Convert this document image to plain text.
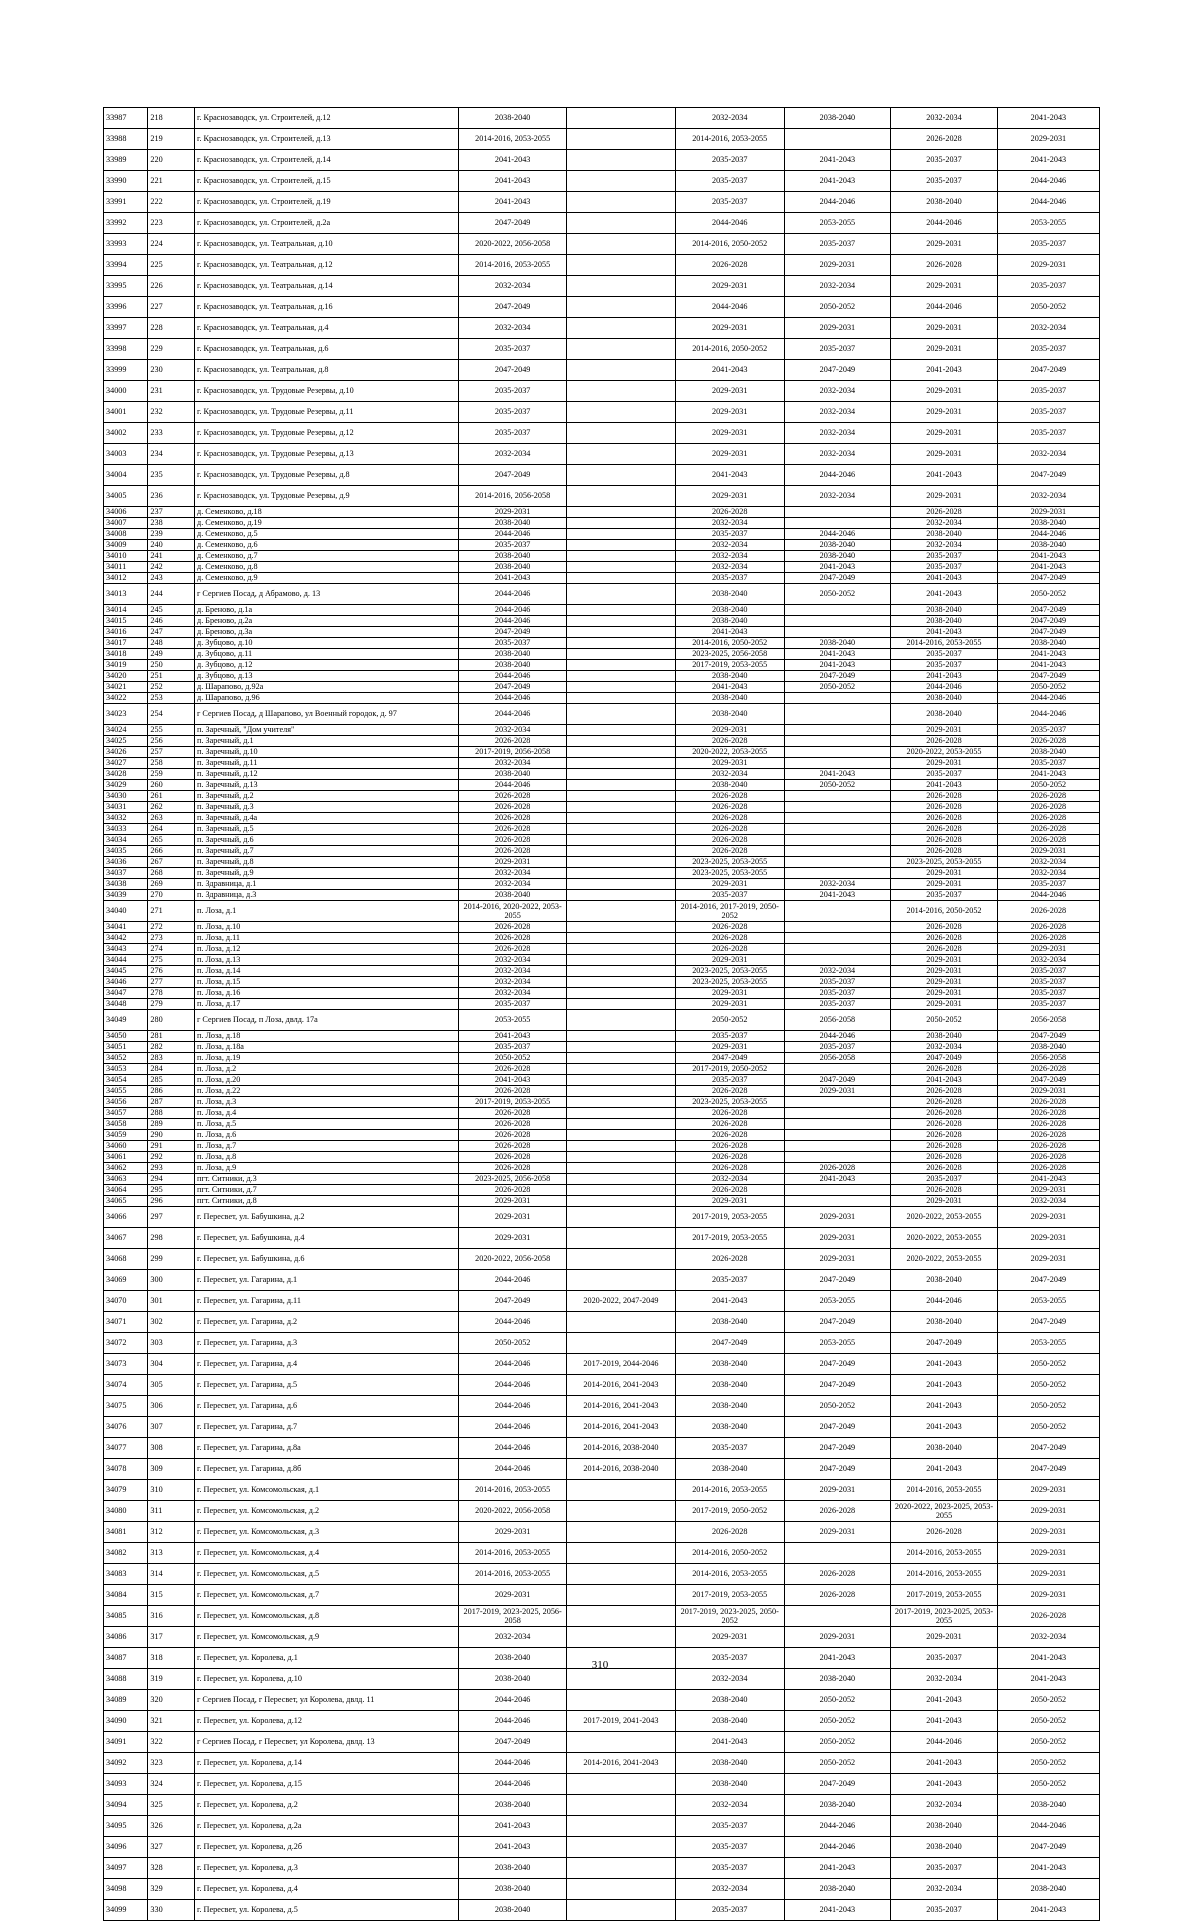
33987	218	г. Краснозаводск, ул. Строителей, д.12	2038-2040		2032-2034	2038-2040	2032-2034	2041-2043
33988	219	г. Краснозаводск, ул. Строителей, д.13	2014-2016, 2053-2055		2014-2016, 2053-2055		2026-2028	2029-2031
33989	220	г. Краснозаводск, ул. Строителей, д.14	2041-2043		2035-2037	2041-2043	2035-2037	2041-2043
33990	221	г. Краснозаводск, ул. Строителей, д.15	2041-2043		2035-2037	2041-2043	2035-2037	2044-2046
33991	222	г. Краснозаводск, ул. Строителей, д.19	2041-2043		2035-2037	2044-2046	2038-2040	2044-2046
33992	223	г. Краснозаводск, ул. Строителей, д.2а	2047-2049		2044-2046	2053-2055	2044-2046	2053-2055
33993	224	г. Краснозаводск, ул. Театральная, д.10	2020-2022, 2056-2058		2014-2016, 2050-2052	2035-2037	2029-2031	2035-2037
33994	225	г. Краснозаводск, ул. Театральная, д.12	2014-2016, 2053-2055		2026-2028	2029-2031	2026-2028	2029-2031
33995	226	г. Краснозаводск, ул. Театральная, д.14	2032-2034		2029-2031	2032-2034	2029-2031	2035-2037
33996	227	г. Краснозаводск, ул. Театральная, д.16	2047-2049		2044-2046	2050-2052	2044-2046	2050-2052
33997	228	г. Краснозаводск, ул. Театральная, д.4	2032-2034		2029-2031	2029-2031	2029-2031	2032-2034
33998	229	г. Краснозаводск, ул. Театральная, д.6	2035-2037		2014-2016, 2050-2052	2035-2037	2029-2031	2035-2037
33999	230	г. Краснозаводск, ул. Театральная, д.8	2047-2049		2041-2043	2047-2049	2041-2043	2047-2049
34000	231	г. Краснозаводск, ул. Трудовые Резервы, д.10	2035-2037		2029-2031	2032-2034	2029-2031	2035-2037
34001	232	г. Краснозаводск, ул. Трудовые Резервы, д.11	2035-2037		2029-2031	2032-2034	2029-2031	2035-2037
34002	233	г. Краснозаводск, ул. Трудовые Резервы, д.12	2035-2037		2029-2031	2032-2034	2029-2031	2035-2037
34003	234	г. Краснозаводск, ул. Трудовые Резервы, д.13	2032-2034		2029-2031	2032-2034	2029-2031	2032-2034
34004	235	г. Краснозаводск, ул. Трудовые Резервы, д.8	2047-2049		2041-2043	2044-2046	2041-2043	2047-2049
34005	236	г. Краснозаводск, ул. Трудовые Резервы, д.9	2014-2016, 2056-2058		2029-2031	2032-2034	2029-2031	2032-2034
34006	237	д. Семенково, д.18	2029-2031		2026-2028		2026-2028	2029-2031
34007	238	д. Семенково, д.19	2038-2040		2032-2034		2032-2034	2038-2040
34008	239	д. Семенково, д.5	2044-2046		2035-2037	2044-2046	2038-2040	2044-2046
34009	240	д. Семенково, д.6	2035-2037		2032-2034	2038-2040	2032-2034	2038-2040
34010	241	д. Семенково, д.7	2038-2040		2032-2034	2038-2040	2035-2037	2041-2043
34011	242	д. Семенково, д.8	2038-2040		2032-2034	2041-2043	2035-2037	2041-2043
34012	243	д. Семенково, д.9	2041-2043		2035-2037	2047-2049	2041-2043	2047-2049
34013	244	г Сергиев Посад, д Абрамово, д. 13	2044-2046		2038-2040	2050-2052	2041-2043	2050-2052
34014	245	д. Бреново, д.1а	2044-2046		2038-2040		2038-2040	2047-2049
34015	246	д. Бреново, д.2а	2044-2046		2038-2040		2038-2040	2047-2049
34016	247	д. Бреново, д.3а	2047-2049		2041-2043		2041-2043	2047-2049
34017	248	д. Зубцово, д.10	2035-2037		2014-2016, 2050-2052	2038-2040	2014-2016, 2053-2055	2038-2040
34018	249	д. Зубцово, д.11	2038-2040		2023-2025, 2056-2058	2041-2043	2035-2037	2041-2043
34019	250	д. Зубцово, д.12	2038-2040		2017-2019, 2053-2055	2041-2043	2035-2037	2041-2043
34020	251	д. Зубцово, д.13	2044-2046		2038-2040	2047-2049	2041-2043	2047-2049
34021	252	д. Шарапово, д.92а	2047-2049		2041-2043	2050-2052	2044-2046	2050-2052
34022	253	д. Шарапово, д.96	2044-2046		2038-2040		2038-2040	2044-2046
34023	254	г Сергиев Посад, д Шарапово, ул Военный городок, д. 97	2044-2046		2038-2040		2038-2040	2044-2046
34024	255	п. Заречный, "Дом учителя"	2032-2034		2029-2031		2029-2031	2035-2037
34025	256	п. Заречный, д.1	2026-2028		2026-2028		2026-2028	2026-2028
34026	257	п. Заречный, д.10	2017-2019, 2056-2058		2020-2022, 2053-2055		2020-2022, 2053-2055	2038-2040
34027	258	п. Заречный, д.11	2032-2034		2029-2031		2029-2031	2035-2037
34028	259	п. Заречный, д.12	2038-2040		2032-2034	2041-2043	2035-2037	2041-2043
34029	260	п. Заречный, д.13	2044-2046		2038-2040	2050-2052	2041-2043	2050-2052
34030	261	п. Заречный, д.2	2026-2028		2026-2028		2026-2028	2026-2028
34031	262	п. Заречный, д.3	2026-2028		2026-2028		2026-2028	2026-2028
34032	263	п. Заречный, д.4а	2026-2028		2026-2028		2026-2028	2026-2028
34033	264	п. Заречный, д.5	2026-2028		2026-2028		2026-2028	2026-2028
34034	265	п. Заречный, д.6	2026-2028		2026-2028		2026-2028	2026-2028
34035	266	п. Заречный, д.7	2026-2028		2026-2028		2026-2028	2029-2031
34036	267	п. Заречный, д.8	2029-2031		2023-2025, 2053-2055		2023-2025, 2053-2055	2032-2034
34037	268	п. Заречный, д.9	2032-2034		2023-2025, 2053-2055		2029-2031	2032-2034
34038	269	п. Здравница, д.1	2032-2034		2029-2031	2032-2034	2029-2031	2035-2037
34039	270	п. Здравница, д.3	2038-2040		2035-2037	2041-2043	2035-2037	2044-2046
34040	271	п. Лоза, д.1	2014-2016, 2020-2022, 2053-2055		2014-2016, 2017-2019, 2050-2052		2014-2016, 2050-2052	2026-2028
34041	272	п. Лоза, д.10	2026-2028		2026-2028		2026-2028	2026-2028
34042	273	п. Лоза, д.11	2026-2028		2026-2028		2026-2028	2026-2028
34043	274	п. Лоза, д.12	2026-2028		2026-2028		2026-2028	2029-2031
34044	275	п. Лоза, д.13	2032-2034		2029-2031		2029-2031	2032-2034
34045	276	п. Лоза, д.14	2032-2034		2023-2025, 2053-2055	2032-2034	2029-2031	2035-2037
34046	277	п. Лоза, д.15	2032-2034		2023-2025, 2053-2055	2035-2037	2029-2031	2035-2037
34047	278	п. Лоза, д.16	2032-2034		2029-2031	2035-2037	2029-2031	2035-2037
34048	279	п. Лоза, д.17	2035-2037		2029-2031	2035-2037	2029-2031	2035-2037
34049	280	г Сергиев Посад, п Лоза, двлд. 17а	2053-2055		2050-2052	2056-2058	2050-2052	2056-2058
34050	281	п. Лоза, д.18	2041-2043		2035-2037	2044-2046	2038-2040	2047-2049
34051	282	п. Лоза, д.18а	2035-2037		2029-2031	2035-2037	2032-2034	2038-2040
34052	283	п. Лоза, д.19	2050-2052		2047-2049	2056-2058	2047-2049	2056-2058
34053	284	п. Лоза, д.2	2026-2028		2017-2019, 2050-2052		2026-2028	2026-2028
34054	285	п. Лоза, д.20	2041-2043		2035-2037	2047-2049	2041-2043	2047-2049
34055	286	п. Лоза, д.22	2026-2028		2026-2028	2029-2031	2026-2028	2029-2031
34056	287	п. Лоза, д.3	2017-2019, 2053-2055		2023-2025, 2053-2055		2026-2028	2026-2028
34057	288	п. Лоза, д.4	2026-2028		2026-2028		2026-2028	2026-2028
34058	289	п. Лоза, д.5	2026-2028		2026-2028		2026-2028	2026-2028
34059	290	п. Лоза, д.6	2026-2028		2026-2028		2026-2028	2026-2028
34060	291	п. Лоза, д.7	2026-2028		2026-2028		2026-2028	2026-2028
34061	292	п. Лоза, д.8	2026-2028		2026-2028		2026-2028	2026-2028
34062	293	п. Лоза, д.9	2026-2028		2026-2028	2026-2028	2026-2028	2026-2028
34063	294	пгт. Ситники, д.3	2023-2025, 2056-2058		2032-2034	2041-2043	2035-2037	2041-2043
34064	295	пгт. Ситники, д.7	2026-2028		2026-2028		2026-2028	2029-2031
34065	296	пгт. Ситники, д.8	2029-2031		2029-2031		2029-2031	2032-2034
34066	297	г. Пересвет, ул. Бабушкина, д.2	2029-2031		2017-2019, 2053-2055	2029-2031	2020-2022, 2053-2055	2029-2031
34067	298	г. Пересвет, ул. Бабушкина, д.4	2029-2031		2017-2019, 2053-2055	2029-2031	2020-2022, 2053-2055	2029-2031
34068	299	г. Пересвет, ул. Бабушкина, д.6	2020-2022, 2056-2058		2026-2028	2029-2031	2020-2022, 2053-2055	2029-2031
34069	300	г. Пересвет, ул. Гагарина, д.1	2044-2046		2035-2037	2047-2049	2038-2040	2047-2049
34070	301	г. Пересвет, ул. Гагарина, д.11	2047-2049	2020-2022, 2047-2049	2041-2043	2053-2055	2044-2046	2053-2055
34071	302	г. Пересвет, ул. Гагарина, д.2	2044-2046		2038-2040	2047-2049	2038-2040	2047-2049
34072	303	г. Пересвет, ул. Гагарина, д.3	2050-2052		2047-2049	2053-2055	2047-2049	2053-2055
34073	304	г. Пересвет, ул. Гагарина, д.4	2044-2046	2017-2019, 2044-2046	2038-2040	2047-2049	2041-2043	2050-2052
34074	305	г. Пересвет, ул. Гагарина, д.5	2044-2046	2014-2016, 2041-2043	2038-2040	2047-2049	2041-2043	2050-2052
34075	306	г. Пересвет, ул. Гагарина, д.6	2044-2046	2014-2016, 2041-2043	2038-2040	2050-2052	2041-2043	2050-2052
34076	307	г. Пересвет, ул. Гагарина, д.7	2044-2046	2014-2016, 2041-2043	2038-2040	2047-2049	2041-2043	2050-2052
34077	308	г. Пересвет, ул. Гагарина, д.8а	2044-2046	2014-2016, 2038-2040	2035-2037	2047-2049	2038-2040	2047-2049
34078	309	г. Пересвет, ул. Гагарина, д.8б	2044-2046	2014-2016, 2038-2040	2038-2040	2047-2049	2041-2043	2047-2049
34079	310	г. Пересвет, ул. Комсомольская, д.1	2014-2016, 2053-2055		2014-2016, 2053-2055	2029-2031	2014-2016, 2053-2055	2029-2031
34080	311	г. Пересвет, ул. Комсомольская, д.2	2020-2022, 2056-2058		2017-2019, 2050-2052	2026-2028	2020-2022, 2023-2025, 2053-2055	2029-2031
34081	312	г. Пересвет, ул. Комсомольская, д.3	2029-2031		2026-2028	2029-2031	2026-2028	2029-2031
34082	313	г. Пересвет, ул. Комсомольская, д.4	2014-2016, 2053-2055		2014-2016, 2050-2052		2014-2016, 2053-2055	2029-2031
34083	314	г. Пересвет, ул. Комсомольская, д.5	2014-2016, 2053-2055		2014-2016, 2053-2055	2026-2028	2014-2016, 2053-2055	2029-2031
34084	315	г. Пересвет, ул. Комсомольская, д.7	2029-2031		2017-2019, 2053-2055	2026-2028	2017-2019, 2053-2055	2029-2031
34085	316	г. Пересвет, ул. Комсомольская, д.8	2017-2019, 2023-2025, 2056-2058		2017-2019, 2023-2025, 2050-2052		2017-2019, 2023-2025, 2053-2055	2026-2028
34086	317	г. Пересвет, ул. Комсомольская, д.9	2032-2034		2029-2031	2029-2031	2029-2031	2032-2034
34087	318	г. Пересвет, ул. Королева, д.1	2038-2040		2035-2037	2041-2043	2035-2037	2041-2043
34088	319	г. Пересвет, ул. Королева, д.10	2038-2040		2032-2034	2038-2040	2032-2034	2041-2043
34089	320	г Сергиев Посад, г Пересвет, ул Королева, двлд. 11	2044-2046		2038-2040	2050-2052	2041-2043	2050-2052
34090	321	г. Пересвет, ул. Королева, д.12	2044-2046	2017-2019, 2041-2043	2038-2040	2050-2052	2041-2043	2050-2052
34091	322	г Сергиев Посад, г Пересвет, ул Королева, двлд. 13	2047-2049		2041-2043	2050-2052	2044-2046	2050-2052
34092	323	г. Пересвет, ул. Королева, д.14	2044-2046	2014-2016, 2041-2043	2038-2040	2050-2052	2041-2043	2050-2052
34093	324	г. Пересвет, ул. Королева, д.15	2044-2046		2038-2040	2047-2049	2041-2043	2050-2052
34094	325	г. Пересвет, ул. Королева, д.2	2038-2040		2032-2034	2038-2040	2032-2034	2038-2040
34095	326	г. Пересвет, ул. Королева, д.2а	2041-2043		2035-2037	2044-2046	2038-2040	2044-2046
34096	327	г. Пересвет, ул. Королева, д.2б	2041-2043		2035-2037	2044-2046	2038-2040	2047-2049
34097	328	г. Пересвет, ул. Королева, д.3	2038-2040		2035-2037	2041-2043	2035-2037	2041-2043
34098	329	г. Пересвет, ул. Королева, д.4	2038-2040		2032-2034	2038-2040	2032-2034	2038-2040
34099	330	г. Пересвет, ул. Королева, д.5	2038-2040		2035-2037	2041-2043	2035-2037	2041-2043
310
